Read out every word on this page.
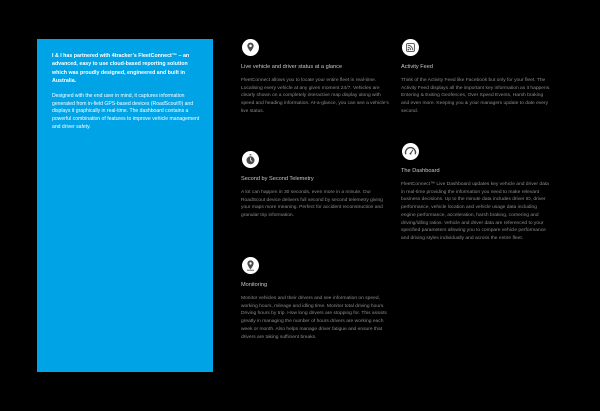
I & I has partnered with 4tracker’s FleetConnect™ – an advanced, easy to use cloud-based reporting solution which was proudly designed, engineered and built in Australia.

Designed with the end user in mind, it captures information generated from in-field GPS-based devices (RoadScout®) and displays it graphically in real-time. The dashboard contains a powerful combination of features to improve vehicle management and driver safety.

Live vehicle and driver status at a glance

FleetConnect allows you to locate your entire fleet in real-time. Localising every vehicle at any given moment 24/7. Vehicles are clearly shown on a completely interactive map display along with speed and heading information. At-a-glance, you can see a vehicle’s live status.

Activity Feed

Think of the Activity Feed like Facebook but only for your fleet. The Activity Feed displays all the important key information as it happens. Entering & Exiting Geofences, Over Speed Events, Harsh braking and even more. Keeping you & your managers update to date every second.

Second by Second Telemetry

A lot can happen in 30 seconds, even more in a minute. Our RoadScout device delivers full second by second telemetry giving your maps more meaning. Perfect for accident reconstruction and granular trip information.

The Dashboard

FleetConnect™ Live Dashboard updates key vehicle and driver data in real-time providing the information you need to make relevant business decisions. Up to the minute data includes driver ID, driver performance, vehicle location and vehicle usage data including engine performance, acceleration, harsh braking, cornering and driving/idling ratios. Vehicle and driver data are referenced to your specified parameters allowing you to compare vehicle performance and driving styles individually and across the entire fleet.

Monitoring

Monitor vehicles and their drivers and see information on speed, working hours, mileage and idling time. Monitor total driving hours. Driving hours by trip. How long drivers are stopping for. This assists greatly in managing the number of hours drivers are working each week or month. Also helps manage driver fatigue and ensure that drivers are taking sufficient breaks.
